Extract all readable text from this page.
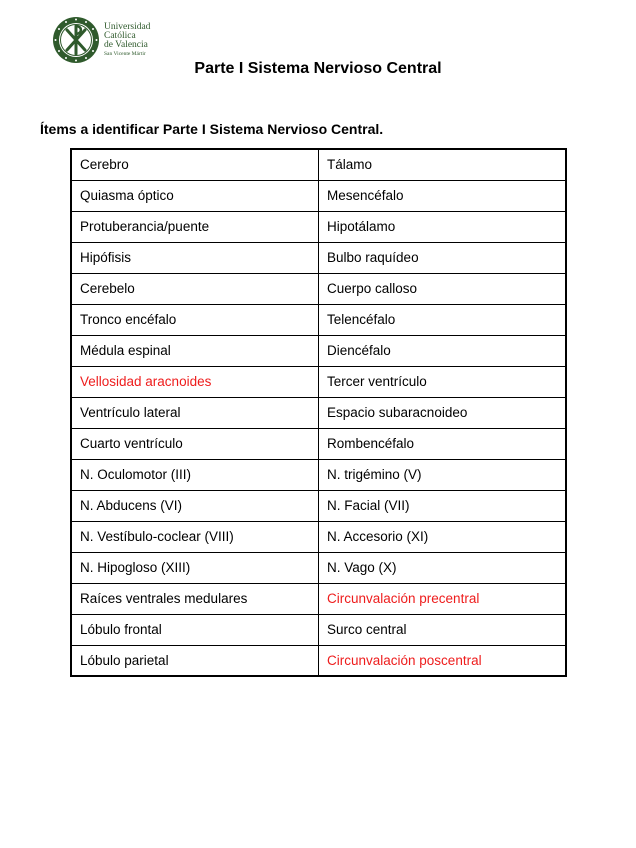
Universidad
Católica
de Valencia
San Vicente Mártir
Parte I Sistema Nervioso Central
Ítems a identificar Parte I Sistema Nervioso Central.
Cerebro	Tálamo
Quiasma óptico	Mesencéfalo
Protuberancia/puente	Hipotálamo
Hipófisis	Bulbo raquídeo
Cerebelo	Cuerpo calloso
Tronco encéfalo	Telencéfalo
Médula espinal	Diencéfalo
Vellosidad aracnoides	Tercer ventrículo
Ventrículo lateral	Espacio subaracnoideo
Cuarto ventrículo	Rombencéfalo
N. Oculomotor (III)	N. trigémino (V)
N. Abducens (VI)	N. Facial (VII)
N. Vestíbulo-coclear (VIII)	N. Accesorio (XI)
N. Hipogloso (XIII)	N. Vago (X)
Raíces ventrales medulares	Circunvalación precentral
Lóbulo frontal	Surco central
Lóbulo parietal	Circunvalación poscentral
